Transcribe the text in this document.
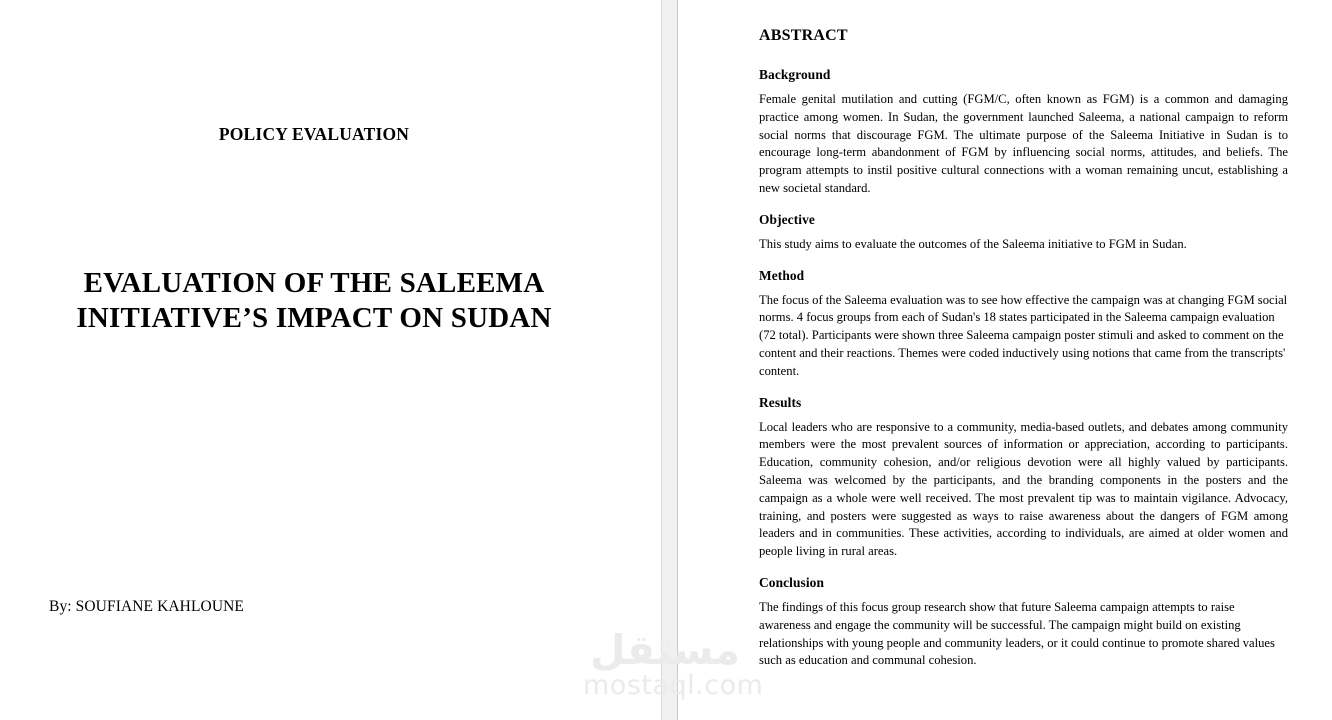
POLICY EVALUATION
EVALUATION OF THE SALEEMA
INITIATIVE’S IMPACT ON SUDAN
By: SOUFIANE KAHLOUNE
ABSTRACT
Background

Female genital mutilation and cutting (FGM/C, often known as FGM) is a common and damaging practice among women. In Sudan, the government launched Saleema, a national campaign to reform social norms that discourage FGM. The ultimate purpose of the Saleema Initiative in Sudan is to encourage long-term abandonment of FGM by influencing social norms, attitudes, and beliefs. The program attempts to instil positive cultural connections with a woman remaining uncut, establishing a new societal standard.

Objective

This study aims to evaluate the outcomes of the Saleema initiative to FGM in Sudan.

Method

The focus of the Saleema evaluation was to see how effective the campaign was at changing FGM social norms. 4 focus groups from each of Sudan's 18 states participated in the Saleema campaign evaluation (72 total). Participants were shown three Saleema campaign poster stimuli and asked to comment on the content and their reactions. Themes were coded inductively using notions that came from the transcripts' content.

Results

Local leaders who are responsive to a community, media-based outlets, and debates among community members were the most prevalent sources of information or appreciation, according to participants. Education, community cohesion, and/or religious devotion were all highly valued by participants. Saleema was welcomed by the participants, and the branding components in the posters and the campaign as a whole were well received. The most prevalent tip was to maintain vigilance. Advocacy, training, and posters were suggested as ways to raise awareness about the dangers of FGM among leaders and in communities. These activities, according to individuals, are aimed at older women and people living in rural areas.

Conclusion

The findings of this focus group research show that future Saleema campaign attempts to raise awareness and engage the community will be successful. The campaign might build on existing relationships with young people and community leaders, or it could continue to promote shared values such as education and communal cohesion.

مستقل
mostaql.com
